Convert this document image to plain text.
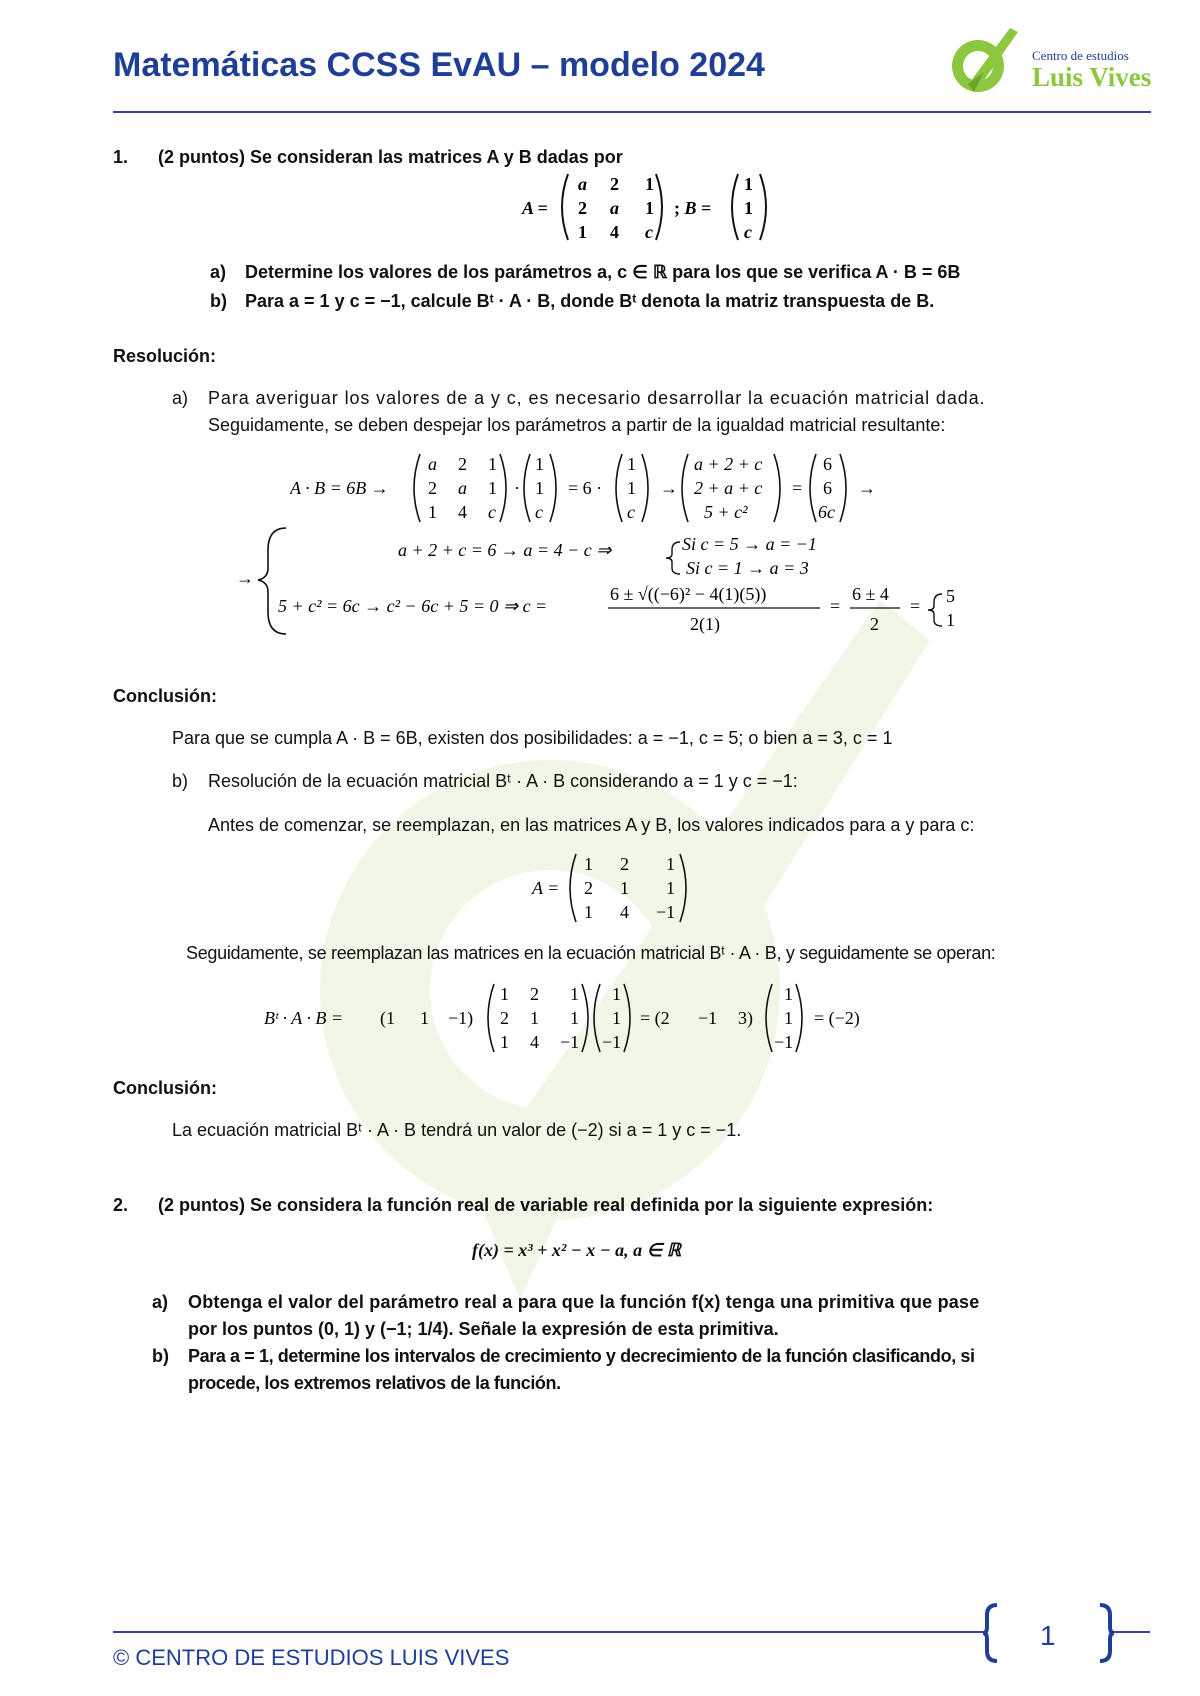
Matemáticas CCSS EvAU – modelo 2024	Centro de estudios
Luis Vives
1. (2 puntos) Se consideran las matrices A y B dadas por
A =
a 2 1
2 a 1
1 4 c
; B =
1
1
c
a) Determine los valores de los parámetros a, c ∈ ℝ para los que se verifica A · B = 6B
b) Para a = 1 y c = −1, calcule Bᵗ · A · B, donde Bᵗ denota la matriz transpuesta de B.
Resolución:
a) Para averiguar los valores de a y c, es necesario desarrollar la ecuación matricial dada.
Seguidamente, se deben despejar los parámetros a partir de la igualdad matricial resultante:
A · B = 6B →
a 2 1
2 a 1
1 4 c
·
1
1
c
= 6 ·
1
1
c
→
a + 2 + c
2 + a + c
5 + c²
=
6
6
6c
→
→
a + 2 + c = 6 → a = 4 − c ⇒	Si c = 5 → a = −1
Si c = 1 → a = 3
5 + c² = 6c → c² − 6c + 5 = 0 ⇒ c =
6 ± √((−6)² − 4(1)(5))
2(1)
=
6 ± 4
2
= 5
1
Conclusión:
Para que se cumpla A · B = 6B, existen dos posibilidades: a = −1, c = 5; o bien a = 3, c = 1
b) Resolución de la ecuación matricial Bᵗ · A · B considerando a = 1 y c = −1:
Antes de comenzar, se reemplazan, en las matrices A y B, los valores indicados para a y para c:
A =
1 2 1
2 1 1
1 4 −1
Seguidamente, se reemplazan las matrices en la ecuación matricial Bᵗ · A · B, y seguidamente se operan:
Bᵗ · A · B = (1 1 −1)
1 2 1
2 1 1
1 4 −1
1
1
−1
= (2 −1 3)
1
1
−1
= (−2)
Conclusión:
La ecuación matricial Bᵗ · A · B tendrá un valor de (−2) si a = 1 y c = −1.
2. (2 puntos) Se considera la función real de variable real definida por la siguiente expresión:
f(x) = x³ + x² − x − a, a ∈ ℝ
a) Obtenga el valor del parámetro real a para que la función f(x) tenga una primitiva que pase
por los puntos (0, 1) y (−1; 1/4). Señale la expresión de esta primitiva.
b) Para a = 1, determine los intervalos de crecimiento y decrecimiento de la función clasificando, si
procede, los extremos relativos de la función.
1
© CENTRO DE ESTUDIOS LUIS VIVES
